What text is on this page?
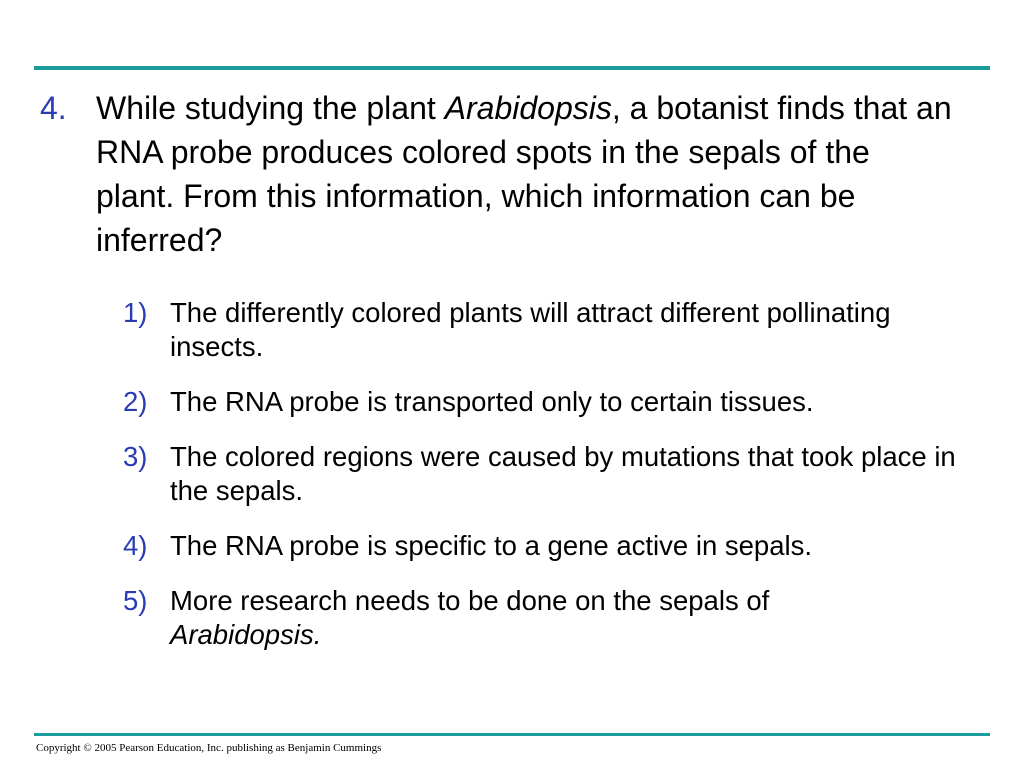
4. While studying the plant Arabidopsis, a botanist finds that an RNA probe produces colored spots in the sepals of the plant. From this information, which information can be inferred?
1) The differently colored plants will attract different pollinating insects.
2) The RNA probe is transported only to certain tissues.
3) The colored regions were caused by mutations that took place in the sepals.
4) The RNA probe is specific to a gene active in sepals.
5) More research needs to be done on the sepals of
Arabidopsis.
Copyright © 2005 Pearson Education, Inc. publishing as Benjamin Cummings
